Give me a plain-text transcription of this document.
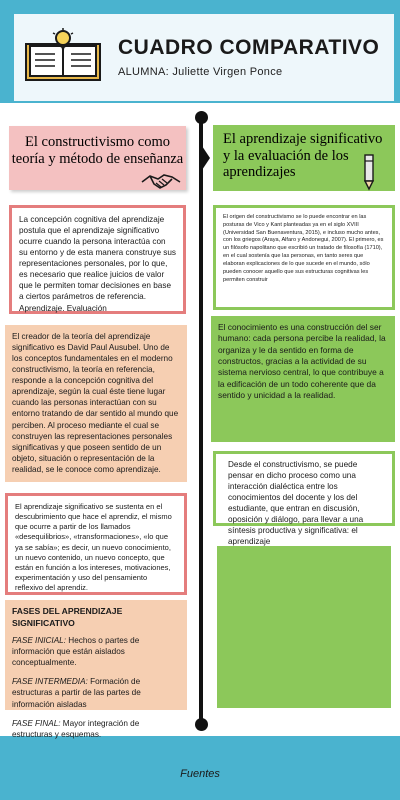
CUADRO COMPARATIVO
ALUMNA: Juliette Virgen Ponce
Fuentes
El constructivismo como teoría y método de enseñanza
La concepción cognitiva del aprendizaje postula que el aprendizaje significativo ocurre cuando la persona interactúa con su entorno y de esta manera construye sus representaciones personales, por lo que, es necesario que realice juicios de valor que le permiten tomar decisiones en base a ciertos parámetros de referencia. Aprendizaje. Evaluación
El creador de la teoría del aprendizaje significativo es David Paul Ausubel. Uno de los conceptos fundamentales en el moderno constructivismo, la teoría en referencia, responde a la concepción cognitiva del aprendizaje, según la cual éste tiene lugar cuando las personas interactúan con su entorno tratando de dar sentido al mundo que perciben. Al proceso mediante el cual se construyen las representaciones personales significativas y que poseen sentido de un objeto, situación o representación de la realidad, se le conoce como aprendizaje.
El aprendizaje significativo se sustenta en el descubrimiento que hace el aprendiz, el mismo que ocurre a partir de los llamados «desequilibrios», «transformaciones», «lo que ya se sabía»; es decir, un nuevo conocimiento, un nuevo contenido, un nuevo concepto, que están en función a los intereses, motivaciones, experimentación y uso del pensamiento reflexivo del aprendiz.
FASES DEL APRENDIZAJE SIGNIFICATIVO
FASE INICIAL: Hechos o partes de información que están aislados conceptualmente.
FASE INTERMEDIA: Formación de estructuras a partir de las partes de información aisladas
FASE FINAL: Mayor integración de estructuras y esquemas.
El aprendizaje significativo y la evaluación de los aprendizajes
El origen del constructivismo se lo puede encontrar en las posturas de Vico y Kant planteadas ya en el siglo XVIII (Universidad San Buenaventura, 2015), e incluso mucho antes, con los griegos (Araya, Alfaro y Andonegui, 2007). El primero, es un filósofo napolitano que escribió un tratado de filosofía (1710), en el cual sostenía que las personas, en tanto seres que elaboran explicaciones de lo que sucede en el mundo, sólo pueden conocer aquello que sus estructuras cognitivas les permiten construir
El conocimiento es una construcción del ser humano: cada persona percibe la realidad, la organiza y le da sentido en forma de constructos, gracias a la actividad de su sistema nervioso central, lo que contribuye a la edificación de un todo coherente que da sentido y unicidad a la realidad.
Desde el constructivismo, se puede pensar en dicho proceso como una interacción dialéctica entre los conocimientos del docente y los del estudiante, que entran en discusión, oposición y diálogo, para llevar a una síntesis productiva y significativa: el aprendizaje
